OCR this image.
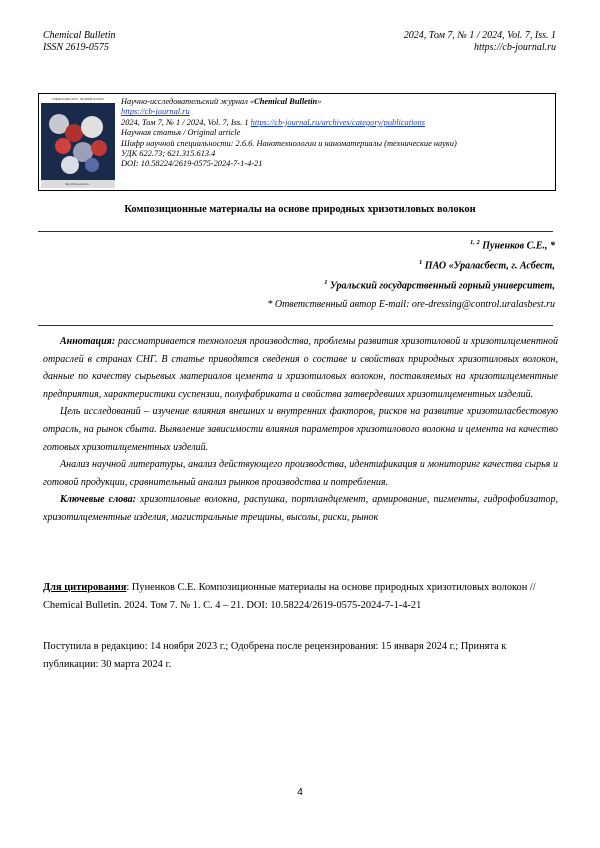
Chemical Bulletin
ISSN 2619-0575
2024, Том 7, № 1 / 2024, Vol. 7, Iss. 1
https://cb-journal.ru
CHEMICAL BULLETIN · НАУЧНЫЙ ЖУРНАЛ
http://cb-journal.ru
Научно-исследовательский журнал «Chemical Bulletin»
https://cb-journal.ru
2024, Том 7, № 1 / 2024, Vol. 7, Iss. 1 https://cb-journal.ru/archives/category/publications
Научная статья / Original article
Шифр научной специальности: 2.6.6. Нанотехнологии и наноматериалы (технические науки)
УДК 622.73; 621.315.613.4
DOI: 10.58224/2619-0575-2024-7-1-4-21
Композиционные материалы на основе природных хризотиловых волокон
$^{1, 2}$ Пуненков С.Е., *
$^1$ ПАО «Ураласбест, г. Асбест,
$^1$ Уральский государственный горный университет,
* Ответственный автор E-mail: ore-dressing@control.uralasbest.ru

Аннотация: рассматривается технология производства, проблемы развития хризотиловой и хризотилцементной отраслей в странах СНГ. В статье приводятся сведения о составе и свойствах природных хризотиловых волокон, данные по качеству сырьевых материалов цемента и хризотиловых волокон, поставляемых на хризотилцементные предприятия, характеристики суспензии, полуфабриката и свойства затвердевших хризотилцементных изделий.

Цель исследований – изучение влияния внешних и внутренних факторов, рисков на развитие хризотиласбестовую отрасль, на рынок сбыта. Выявление зависимости влияния параметров хризотилового волокна и цемента на качество готовых хризотилцементных изделий.

Анализ научной литературы, анализ действующего производства, идентификация и мониторинг качества сырья и готовой продукции, сравнительный анализ рынков производства и потребления.

Ключевые слова: хризотиловые волокна, распушка, портландцемент, армирование, пигменты, гидрофобизатор, хризотилцементные изделия, магистральные трещины, высолы, риски, рынок

Для цитирования: Пуненков С.Е. Композиционные материалы на основе природных хризотиловых волокон // Chemical Bulletin. 2024. Том 7. № 1. С. 4 – 21. DOI: 10.58224/2619-0575-2024-7-1-4-21

Поступила в редакцию: 14 ноября 2023 г.; Одобрена после рецензирования: 15 января 2024 г.; Принята к публикации: 30 марта 2024 г.

4
